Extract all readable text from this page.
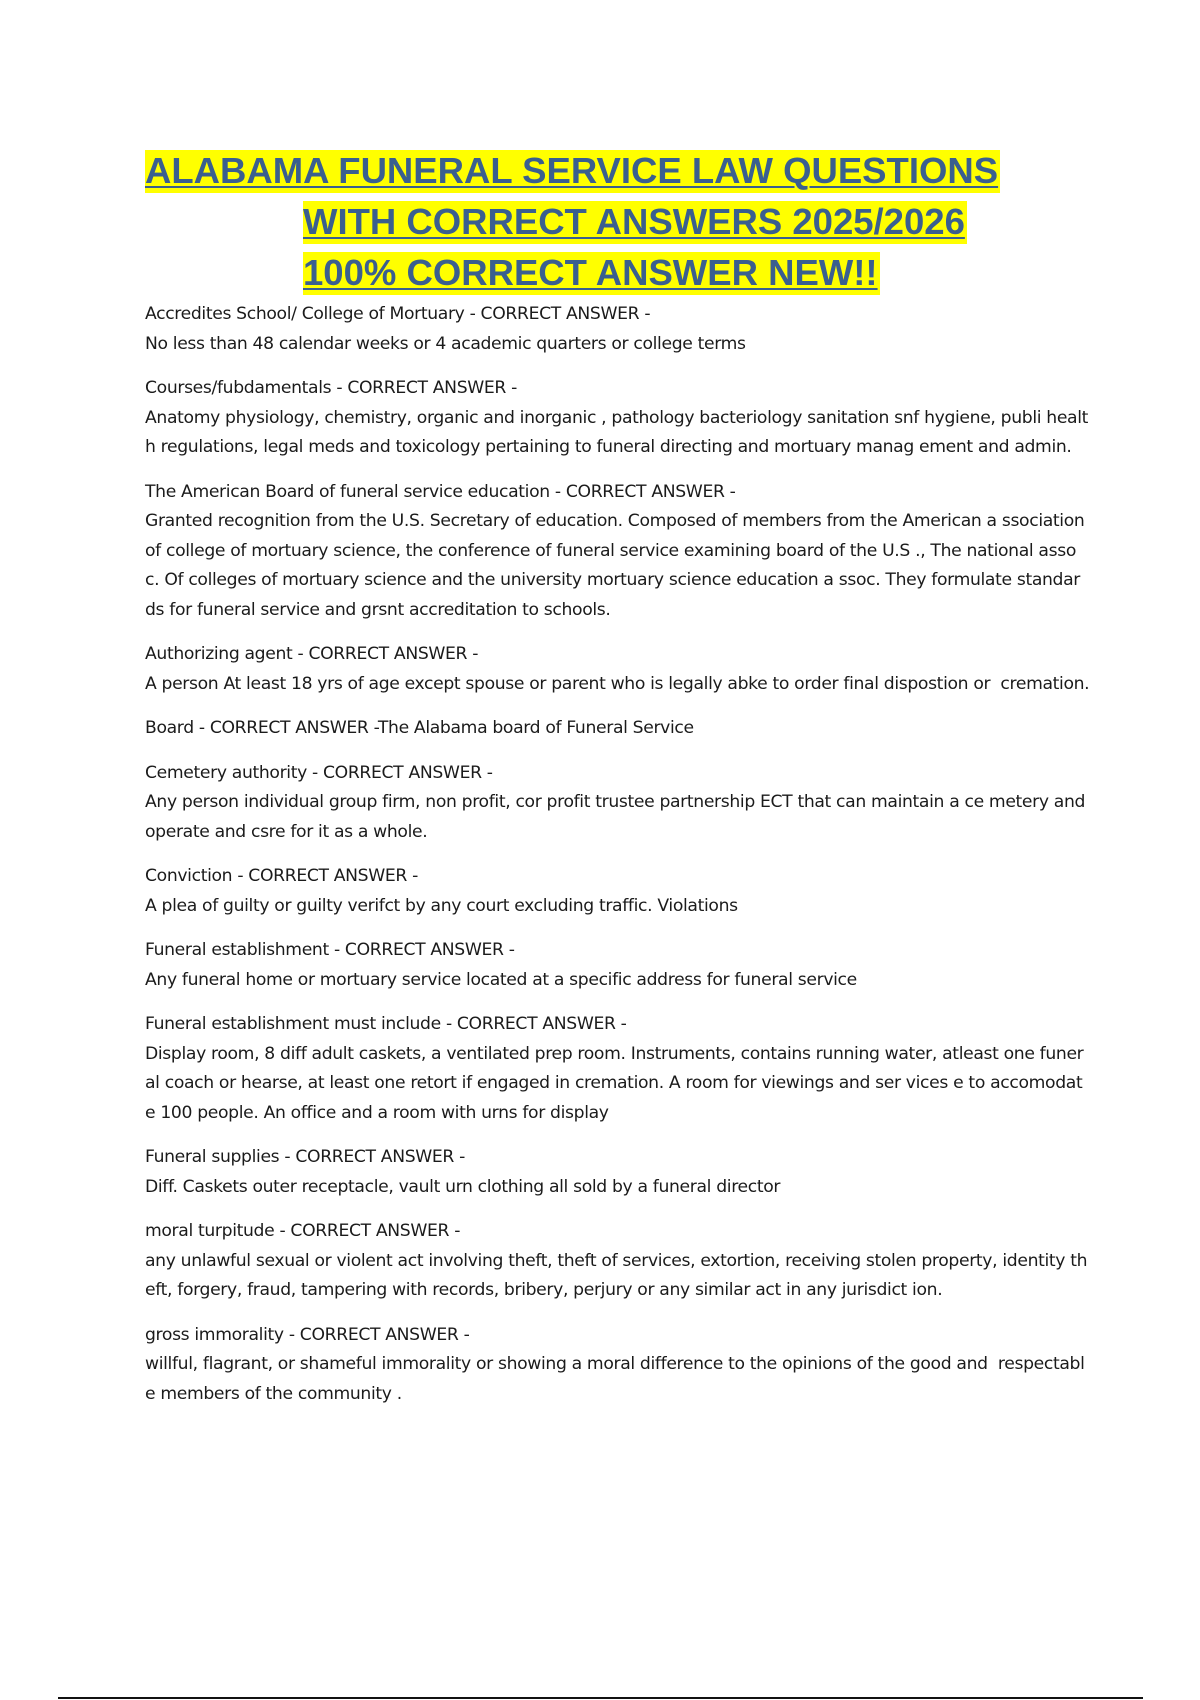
ALABAMA FUNERAL SERVICE LAW QUESTIONS
WITH CORRECT ANSWERS 2025/2026
100% CORRECT ANSWER NEW!!
Accredites School/ College of Mortuary - CORRECT ANSWER -
No less than 48 calendar weeks or 4 academic quarters or college terms
Courses/fubdamentals - CORRECT ANSWER -
Anatomy physiology, chemistry, organic and inorganic , pathology bacteriology sanitation snf hygiene, publi health regulations, legal meds and toxicology pertaining to funeral directing and mortuary manag ement and admin.
The American Board of funeral service education - CORRECT ANSWER -
Granted recognition from the U.S. Secretary of education. Composed of members from the American a ssociation of college of mortuary science, the conference of funeral service examining board of the U.S ., The national assoc. Of colleges of mortuary science and the university mortuary science education a ssoc. They formulate standards for funeral service and grsnt accreditation to schools.
Authorizing agent - CORRECT ANSWER -
A person At least 18 yrs of age except spouse or parent who is legally abke to order final dispostion or  cremation.
Board - CORRECT ANSWER -The Alabama board of Funeral Service
Cemetery authority - CORRECT ANSWER -
Any person individual group firm, non profit, cor profit trustee partnership ECT that can maintain a ce metery and operate and csre for it as a whole.
Conviction - CORRECT ANSWER -
A plea of guilty or guilty verifct by any court excluding traffic. Violations
Funeral establishment - CORRECT ANSWER -
Any funeral home or mortuary service located at a specific address for funeral service
Funeral establishment must include - CORRECT ANSWER -
Display room, 8 diff adult caskets, a ventilated prep room. Instruments, contains running water, atleast one funeral coach or hearse, at least one retort if engaged in cremation. A room for viewings and ser vices e to accomodate 100 people. An office and a room with urns for display
Funeral supplies - CORRECT ANSWER -
Diff. Caskets outer receptacle, vault urn clothing all sold by a funeral director
moral turpitude - CORRECT ANSWER -
any unlawful sexual or violent act involving theft, theft of services, extortion, receiving stolen property, identity theft, forgery, fraud, tampering with records, bribery, perjury or any similar act in any jurisdict ion.
gross immorality - CORRECT ANSWER -
willful, flagrant, or shameful immorality or showing a moral difference to the opinions of the good and  respectable members of the community .
